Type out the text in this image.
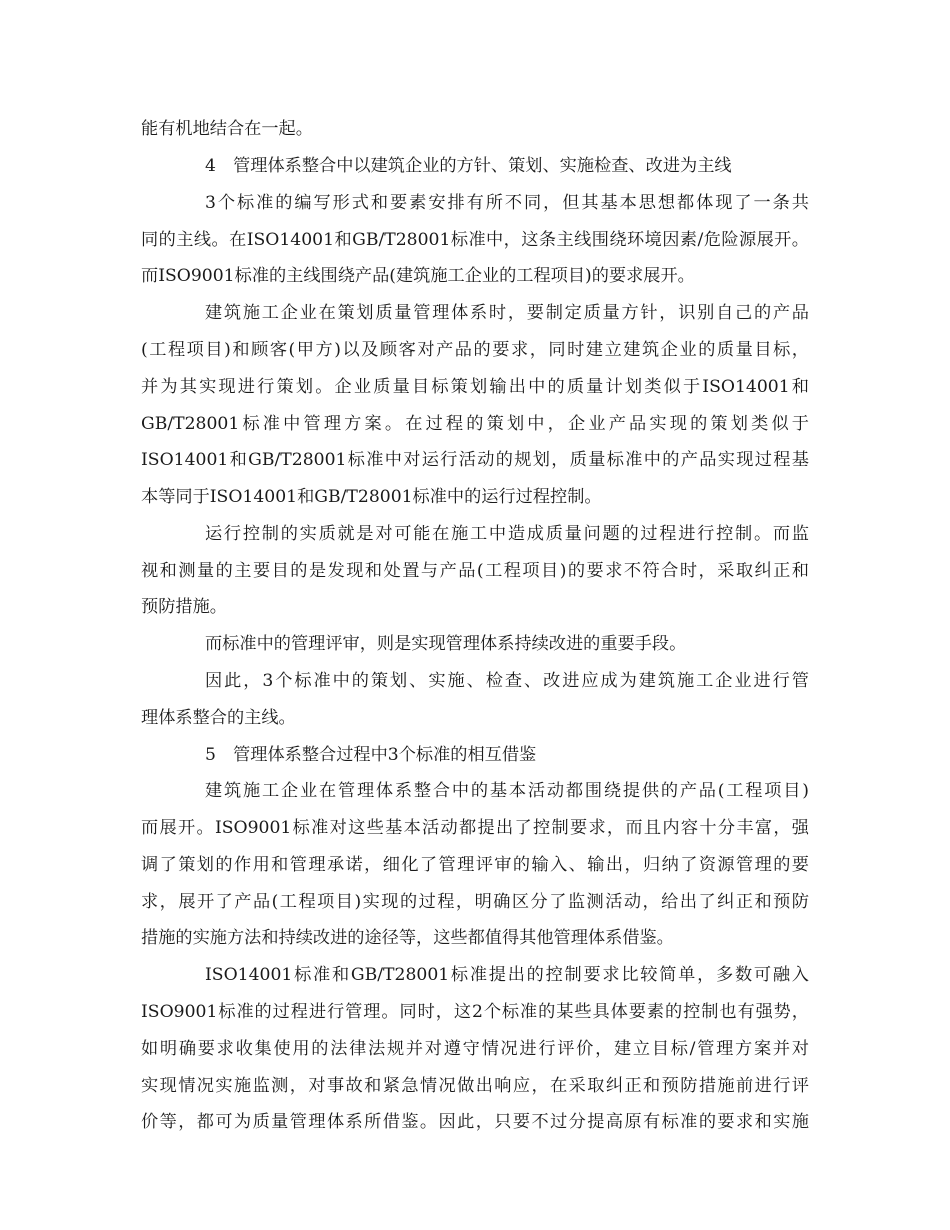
能有机地结合在一起。
4　管理体系整合中以建筑企业的方针、策划、实施检查、改进为主线
3个标准的编写形式和要素安排有所不同，但其基本思想都体现了一条共
同的主线。在ISO14001和GB/T28001标准中，这条主线围绕环境因素/危险源展开。
而ISO9001标准的主线围绕产品(建筑施工企业的工程项目)的要求展开。
建筑施工企业在策划质量管理体系时，要制定质量方针，识别自己的产品
(工程项目)和顾客(甲方)以及顾客对产品的要求，同时建立建筑企业的质量目标，
并为其实现进行策划。企业质量目标策划输出中的质量计划类似于ISO14001和
GB/T28001标准中管理方案。在过程的策划中，企业产品实现的策划类似于
ISO14001和GB/T28001标准中对运行活动的规划，质量标准中的产品实现过程基
本等同于ISO14001和GB/T28001标准中的运行过程控制。
运行控制的实质就是对可能在施工中造成质量问题的过程进行控制。而监
视和测量的主要目的是发现和处置与产品(工程项目)的要求不符合时，采取纠正和
预防措施。
而标准中的管理评审，则是实现管理体系持续改进的重要手段。
因此，3个标准中的策划、实施、检查、改进应成为建筑施工企业进行管
理体系整合的主线。
5　管理体系整合过程中3个标准的相互借鉴
建筑施工企业在管理体系整合中的基本活动都围绕提供的产品(工程项目)
而展开。ISO9001标准对这些基本活动都提出了控制要求，而且内容十分丰富，强
调了策划的作用和管理承诺，细化了管理评审的输入、输出，归纳了资源管理的要
求，展开了产品(工程项目)实现的过程，明确区分了监测活动，给出了纠正和预防
措施的实施方法和持续改进的途径等，这些都值得其他管理体系借鉴。
ISO14001标准和GB/T28001标准提出的控制要求比较简单，多数可融入
ISO9001标准的过程进行管理。同时，这2个标准的某些具体要素的控制也有强势，
如明确要求收集使用的法律法规并对遵守情况进行评价，建立目标/管理方案并对
实现情况实施监测，对事故和紧急情况做出响应，在采取纠正和预防措施前进行评
价等，都可为质量管理体系所借鉴。因此，只要不过分提高原有标准的要求和实施
